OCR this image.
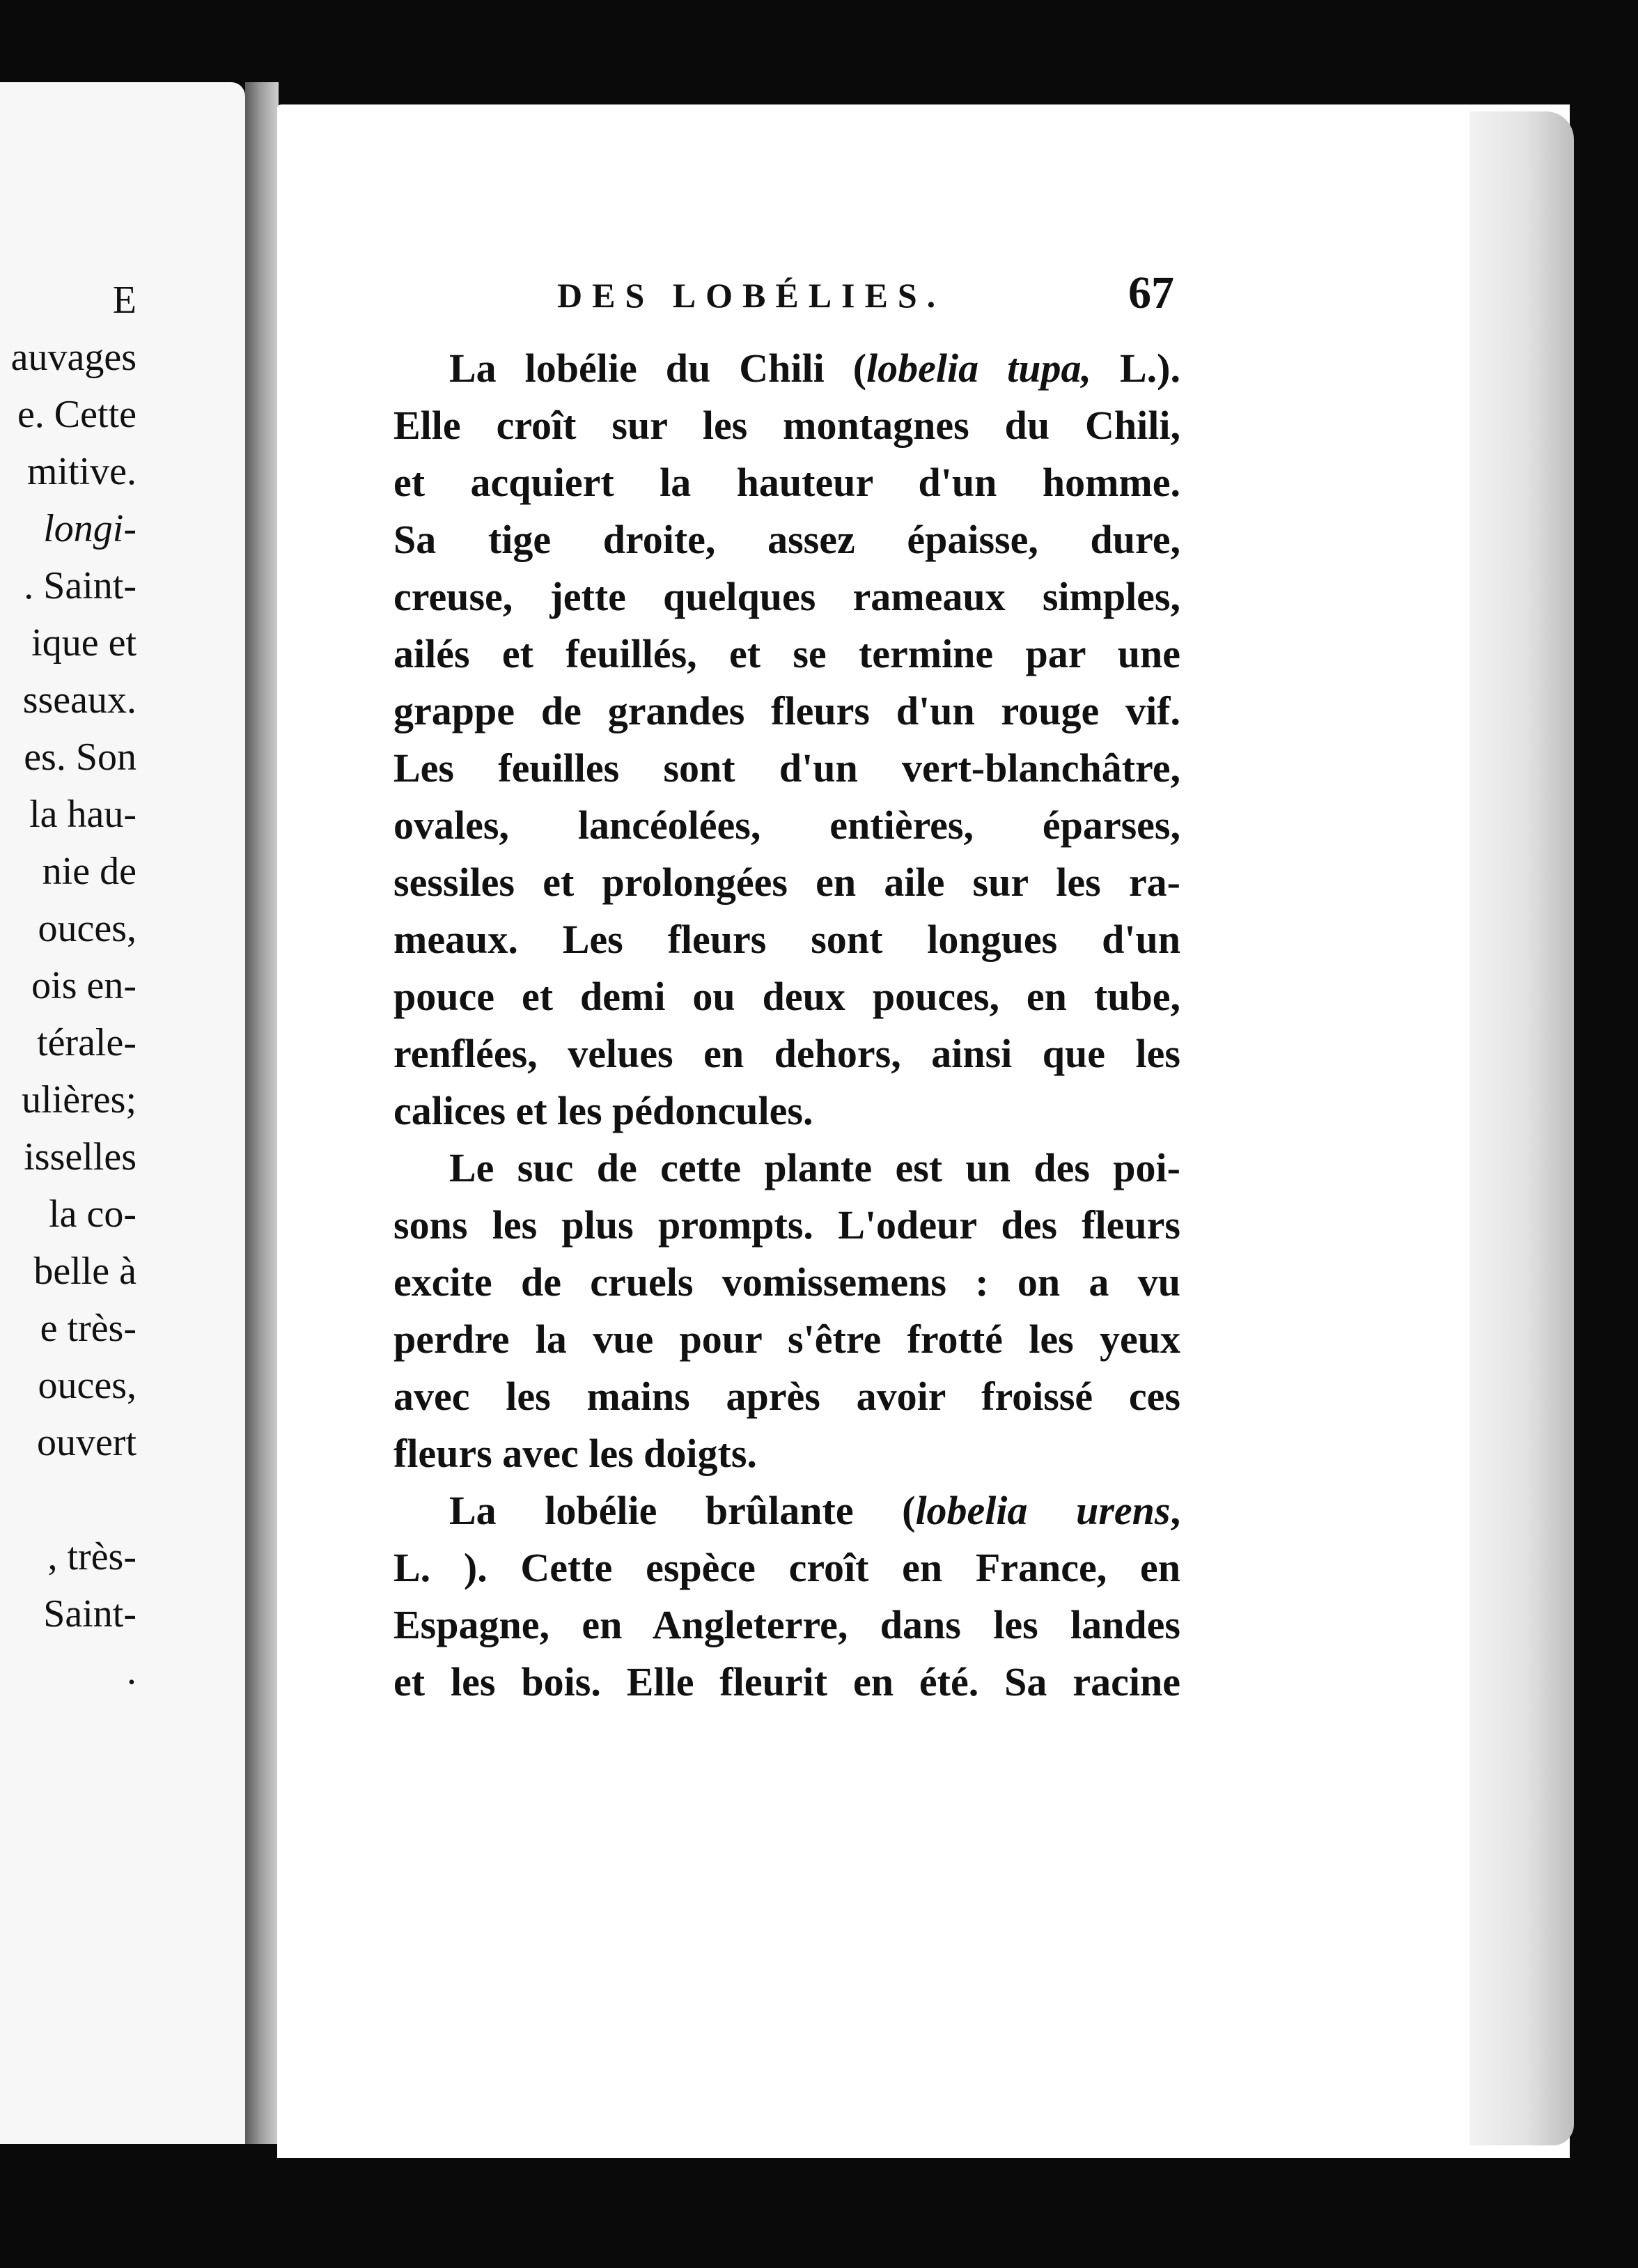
E
auvages
e. Cette
mitive.
longi-
. Saint-
ique et
sseaux.
es. Son
la hau-
nie de
ouces,
ois en-
térale-
ulières;
isselles
la co-
belle à
e très-
ouces,
ouvert

, très-
Saint-
.
DES LOBÉLIES.	67
La lobélie du Chili (lobelia tupa, L.).
Elle croît sur les montagnes du Chili,
et acquiert la hauteur d'un homme.
Sa tige droite, assez épaisse, dure,
creuse, jette quelques rameaux simples,
ailés et feuillés, et se termine par une
grappe de grandes fleurs d'un rouge vif.
Les feuilles sont d'un vert-blanchâtre,
ovales, lancéolées, entières, éparses,
sessiles et prolongées en aile sur les ra-
meaux. Les fleurs sont longues d'un
pouce et demi ou deux pouces, en tube,
renflées, velues en dehors, ainsi que les
calices et les pédoncules.
Le suc de cette plante est un des poi-
sons les plus prompts. L'odeur des fleurs
excite de cruels vomissemens : on a vu
perdre la vue pour s'être frotté les yeux
avec les mains après avoir froissé ces
fleurs avec les doigts.
La lobélie brûlante (lobelia urens,
L. ). Cette espèce croît en France, en
Espagne, en Angleterre, dans les landes
et les bois. Elle fleurit en été. Sa racine
